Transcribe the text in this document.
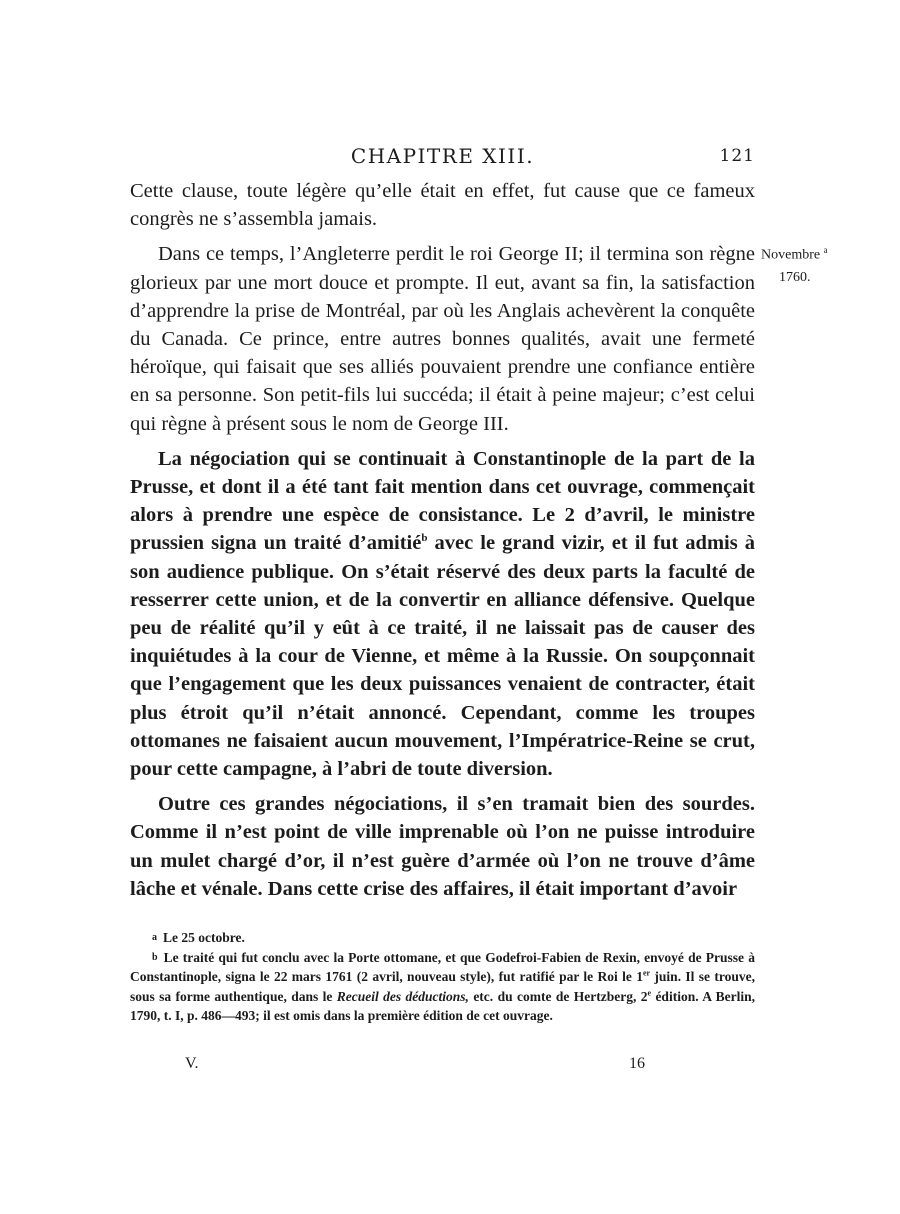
CHAPITRE XIII.	121

Cette clause, toute légère qu’elle était en effet, fut cause que ce fameux congrès ne s’assembla jamais.

Dans ce temps, l’Angleterre perdit le roi George II; il termina son règne glorieux par une mort douce et prompte. Il eut, avant sa fin, la satisfaction d’apprendre la prise de Montréal, par où les Anglais achevèrent la conquête du Canada. Ce prince, entre autres bonnes qualités, avait une fermeté héroïque, qui faisait que ses alliés pouvaient prendre une confiance entière en sa personne. Son petit-fils lui succéda; il était à peine majeur; c’est celui qui règne à présent sous le nom de George III.

La négociation qui se continuait à Constantinople de la part de la Prusse, et dont il a été tant fait mention dans cet ouvrage, commençait alors à prendre une espèce de consistance. Le 2 d’avril, le ministre prussien signa un traité d’amitié$^b$ avec le grand vizir, et il fut admis à son audience publique. On s’était réservé des deux parts la faculté de resserrer cette union, et de la convertir en alliance défensive. Quelque peu de réalité qu’il y eût à ce traité, il ne laissait pas de causer des inquiétudes à la cour de Vienne, et même à la Russie. On soupçonnait que l’engagement que les deux puissances venaient de contracter, était plus étroit qu’il n’était annoncé. Cependant, comme les troupes ottomanes ne faisaient aucun mouvement, l’Impératrice-Reine se crut, pour cette campagne, à l’abri de toute diversion.

Outre ces grandes négociations, il s’en tramait bien des sourdes. Comme il n’est point de ville imprenable où l’on ne puisse introduire un mulet chargé d’or, il n’est guère d’armée où l’on ne trouve d’âme lâche et vénale. Dans cette crise des affaires, il était important d’avoir

Novembre $^a$
1760.

a Le 25 octobre.

b Le traité qui fut conclu avec la Porte ottomane, et que Godefroi-Fabien de Rexin, envoyé de Prusse à Constantinople, signa le 22 mars 1761 (2 avril, nouveau style), fut ratifié par le Roi le 1er juin. Il se trouve, sous sa forme authentique, dans le Recueil des déductions, etc. du comte de Hertzberg, 2e édition. A Berlin, 1790, t. I, p. 486—493; il est omis dans la première édition de cet ouvrage.

V.	16
